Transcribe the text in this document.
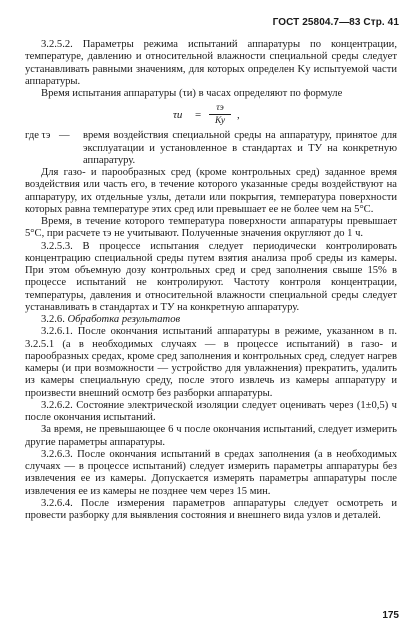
ГОСТ 25804.7—83 Стр. 41

3.2.5.2. Параметры режима испытаний аппаратуры по концентрации, температуре, давлению и относительной влажности специальной среды следует устанавливать равными значениям, для которых определен Kу испытуемой части аппаратуры.

Время испытания аппаратуры (τи) в часах определяют по формуле

τи =
τэ
Ку	,
где τэ — время воздействия специальной среды на аппаратуру, принятое для эксплуатации и установленное в стандартах и ТУ на конкретную аппаратуру.

Для газо- и парообразных сред (кроме контрольных сред) заданное время воздействия или часть его, в течение которого указанные среды воздействуют на аппаратуру, их отдельные узлы, детали или покрытия, температура поверхности которых равна температуре этих сред или превышает ее не более чем на 5°С.

Время, в течение которого температура поверхности аппаратуры превышает 5°С, при расчете τэ не учитывают. Полученные значения округляют до 1 ч.

3.2.5.3. В процессе испытания следует периодически контролировать концентрацию специальной среды путем взятия анализа проб среды из камеры. При этом объемную дозу контрольных сред и сред заполнения свыше 15% в процессе испытаний не контролируют. Частоту контроля концентрации, температуры, давления и относительной влажности специальной среды следует устанавливать в стандартах и ТУ на конкретную аппаратуру.

3.2.6. Обработка результатов

3.2.6.1. После окончания испытаний аппаратуры в режиме, указанном в п. 3.2.5.1 (а в необходимых случаях — в процессе испытаний) в газо- и парообразных средах, кроме сред заполнения и контрольных сред, следует нагрев камеры (и при возможности — устройство для увлажнения) прекратить, удалить из камеры специальную среду, после этого извлечь из камеры аппаратуру и произвести внешний осмотр без разборки аппаратуры.

3.2.6.2. Состояние электрической изоляции следует оценивать через (1±0,5) ч после окончания испытаний.

За время, не превышающее 6 ч после окончания испытаний, следует измерить другие параметры аппаратуры.

3.2.6.3. После окончания испытаний в средах заполнения (а в необходимых случаях — в процессе испытаний) следует измерить параметры аппаратуры без извлечения ее из камеры. Допускается измерять параметры аппаратуры после извлечения ее из камеры не позднее чем через 15 мин.

3.2.6.4. После измерения параметров аппаратуры следует осмотреть и провести разборку для выявления состояния и внешнего вида узлов и деталей.

175
